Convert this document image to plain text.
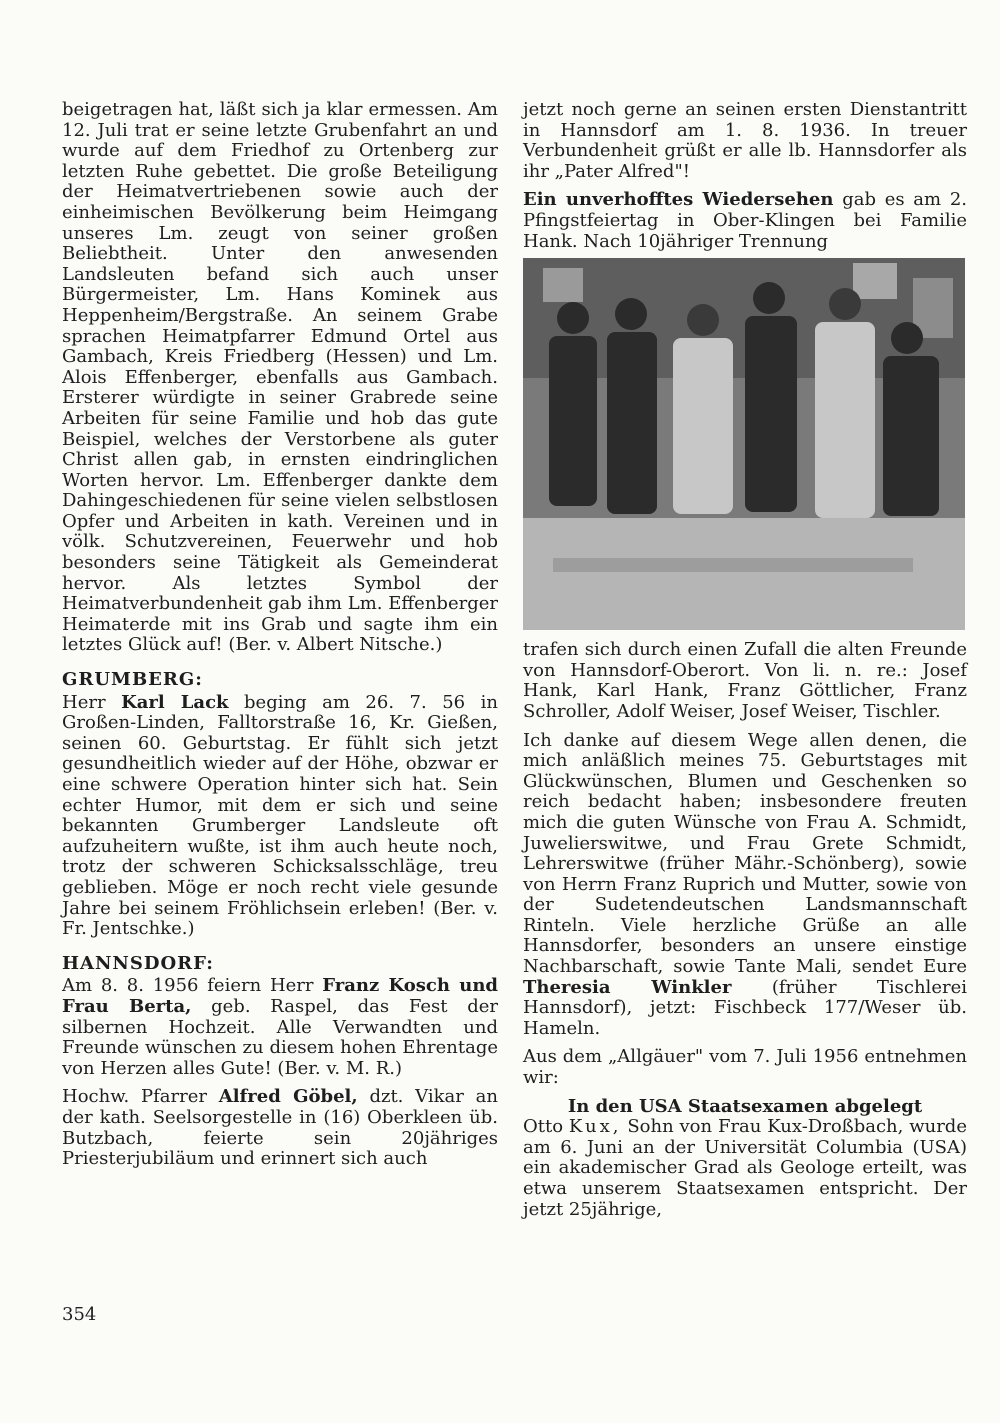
beigetragen hat, läßt sich ja klar ermessen. Am 12. Juli trat er seine letzte Grubenfahrt an und wurde auf dem Friedhof zu Ortenberg zur letzten Ruhe gebettet. Die große Beteiligung der Heimatvertriebenen sowie auch der einheimischen Bevölkerung beim Heimgang unseres Lm. zeugt von seiner großen Beliebtheit. Unter den anwesenden Landsleuten befand sich auch unser Bürgermeister, Lm. Hans Kominek aus Heppenheim/Bergstraße. An seinem Grabe sprachen Heimatpfarrer Edmund Ortel aus Gambach, Kreis Friedberg (Hessen) und Lm. Alois Effenberger, ebenfalls aus Gambach. Ersterer würdigte in seiner Grabrede seine Arbeiten für seine Familie und hob das gute Beispiel, welches der Verstorbene als guter Christ allen gab, in ernsten eindringlichen Worten hervor. Lm. Effenberger dankte dem Dahingeschiedenen für seine vielen selbstlosen Opfer und Arbeiten in kath. Vereinen und in völk. Schutzvereinen, Feuerwehr und hob besonders seine Tätigkeit als Gemeinderat hervor. Als letztes Symbol der Heimatverbundenheit gab ihm Lm. Effenberger Heimaterde mit ins Grab und sagte ihm ein letztes Glück auf! (Ber. v. Albert Nitsche.)

GRUMBERG:

Herr Karl Lack beging am 26. 7. 56 in Großen-Linden, Falltorstraße 16, Kr. Gießen, seinen 60. Geburtstag. Er fühlt sich jetzt gesundheitlich wieder auf der Höhe, obzwar er eine schwere Operation hinter sich hat. Sein echter Humor, mit dem er sich und seine bekannten Grumberger Landsleute oft aufzuheitern wußte, ist ihm auch heute noch, trotz der schweren Schicksalsschläge, treu geblieben. Möge er noch recht viele gesunde Jahre bei seinem Fröhlichsein erleben! (Ber. v. Fr. Jentschke.)

HANNSDORF:

Am 8. 8. 1956 feiern Herr Franz Kosch und Frau Berta, geb. Raspel, das Fest der silbernen Hochzeit. Alle Verwandten und Freunde wünschen zu diesem hohen Ehrentage von Herzen alles Gute! (Ber. v. M. R.)

Hochw. Pfarrer Alfred Göbel, dzt. Vikar an der kath. Seelsorgestelle in (16) Oberkleen üb. Butzbach, feierte sein 20jähriges Priesterjubiläum und erinnert sich auch

jetzt noch gerne an seinen ersten Dienstantritt in Hannsdorf am 1. 8. 1936. In treuer Verbundenheit grüßt er alle lb. Hannsdorfer als ihr „Pater Alfred"!

Ein unverhofftes Wiedersehen gab es am 2. Pfingstfeiertag in Ober-Klingen bei Familie Hank. Nach 10jähriger Trennung

trafen sich durch einen Zufall die alten Freunde von Hannsdorf-Oberort. Von li. n. re.: Josef Hank, Karl Hank, Franz Göttlicher, Franz Schroller, Adolf Weiser, Josef Weiser, Tischler.

Ich danke auf diesem Wege allen denen, die mich anläßlich meines 75. Geburtstages mit Glückwünschen, Blumen und Geschenken so reich bedacht haben; insbesondere freuten mich die guten Wünsche von Frau A. Schmidt, Juwelierswitwe, und Frau Grete Schmidt, Lehrerswitwe (früher Mähr.-Schönberg), sowie von Herrn Franz Ruprich und Mutter, sowie von der Sudetendeutschen Landsmannschaft Rinteln. Viele herzliche Grüße an alle Hannsdorfer, besonders an unsere einstige Nachbarschaft, sowie Tante Mali, sendet Eure Theresia Winkler (früher Tischlerei Hannsdorf), jetzt: Fischbeck 177/Weser üb. Hameln.

Aus dem „Allgäuer" vom 7. Juli 1956 entnehmen wir:

In den USA Staatsexamen abgelegt

Otto Kux, Sohn von Frau Kux-Droßbach, wurde am 6. Juni an der Universität Columbia (USA) ein akademischer Grad als Geologe erteilt, was etwa unserem Staatsexamen entspricht. Der jetzt 25jährige,

354
